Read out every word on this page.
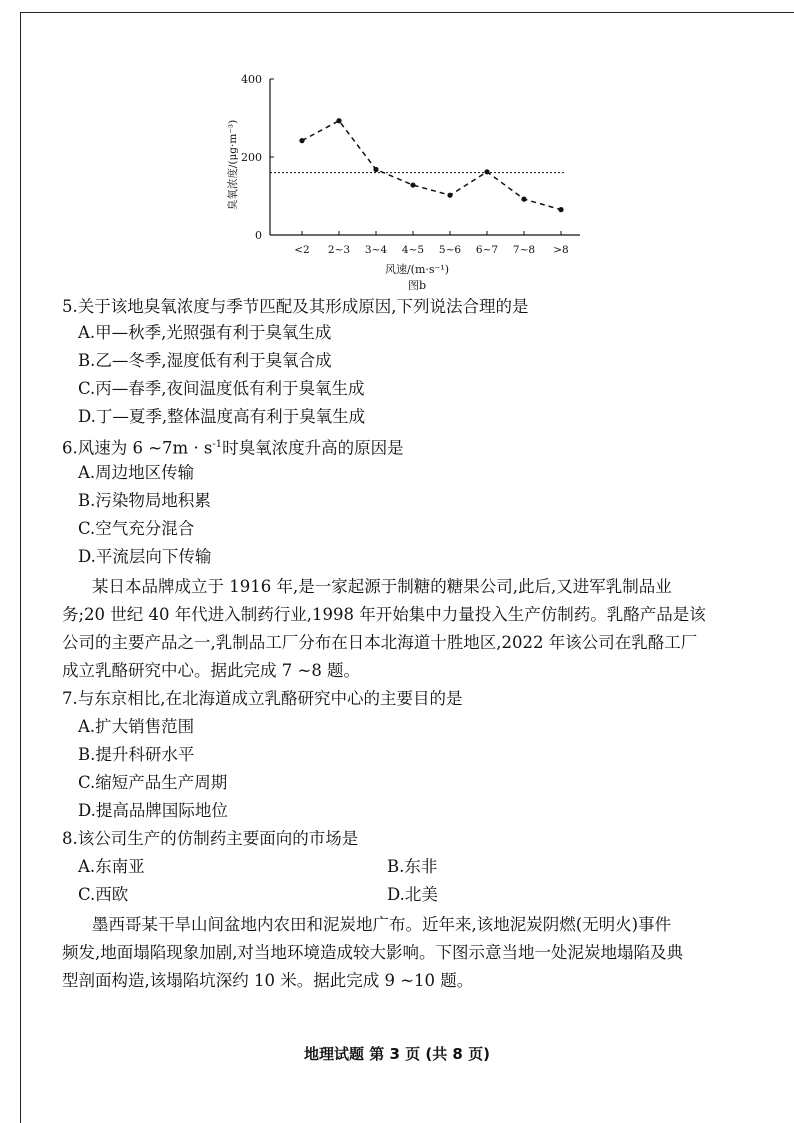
0
200
400
<2 2~3 3~4 4~5 5~6 6~7 7~8 >8
臭氧浓度/(μg·m⁻³)
风速/(m·s⁻¹)
图b
5.关于该地臭氧浓度与季节匹配及其形成原因,下列说法合理的是
A.甲—秋季,光照强有利于臭氧生成
B.乙—冬季,湿度低有利于臭氧合成
C.丙—春季,夜间温度低有利于臭氧生成
D.丁—夏季,整体温度高有利于臭氧生成
6.风速为 6 ~7m · $s^{-1}$时臭氧浓度升高的原因是
A.周边地区传输
B.污染物局地积累
C.空气充分混合
D.平流层向下传输
某日本品牌成立于 1916 年,是一家起源于制糖的糖果公司,此后,又进军乳制品业
务;20 世纪 40 年代进入制药行业,1998 年开始集中力量投入生产仿制药。乳酪产品是该
公司的主要产品之一,乳制品工厂分布在日本北海道十胜地区,2022 年该公司在乳酪工厂
成立乳酪研究中心。据此完成 7 ~8 题。
7.与东京相比,在北海道成立乳酪研究中心的主要目的是
A.扩大销售范围
B.提升科研水平
C.缩短产品生产周期
D.提高品牌国际地位
8.该公司生产的仿制药主要面向的市场是
A.东南亚	B.东非
C.西欧	D.北美
墨西哥某干旱山间盆地内农田和泥炭地广布。近年来,该地泥炭阴燃(无明火)事件
频发,地面塌陷现象加剧,对当地环境造成较大影响。下图示意当地一处泥炭地塌陷及典
型剖面构造,该塌陷坑深约 10 米。据此完成 9 ~10 题。
地理试题 第 3 页 (共 8 页)
